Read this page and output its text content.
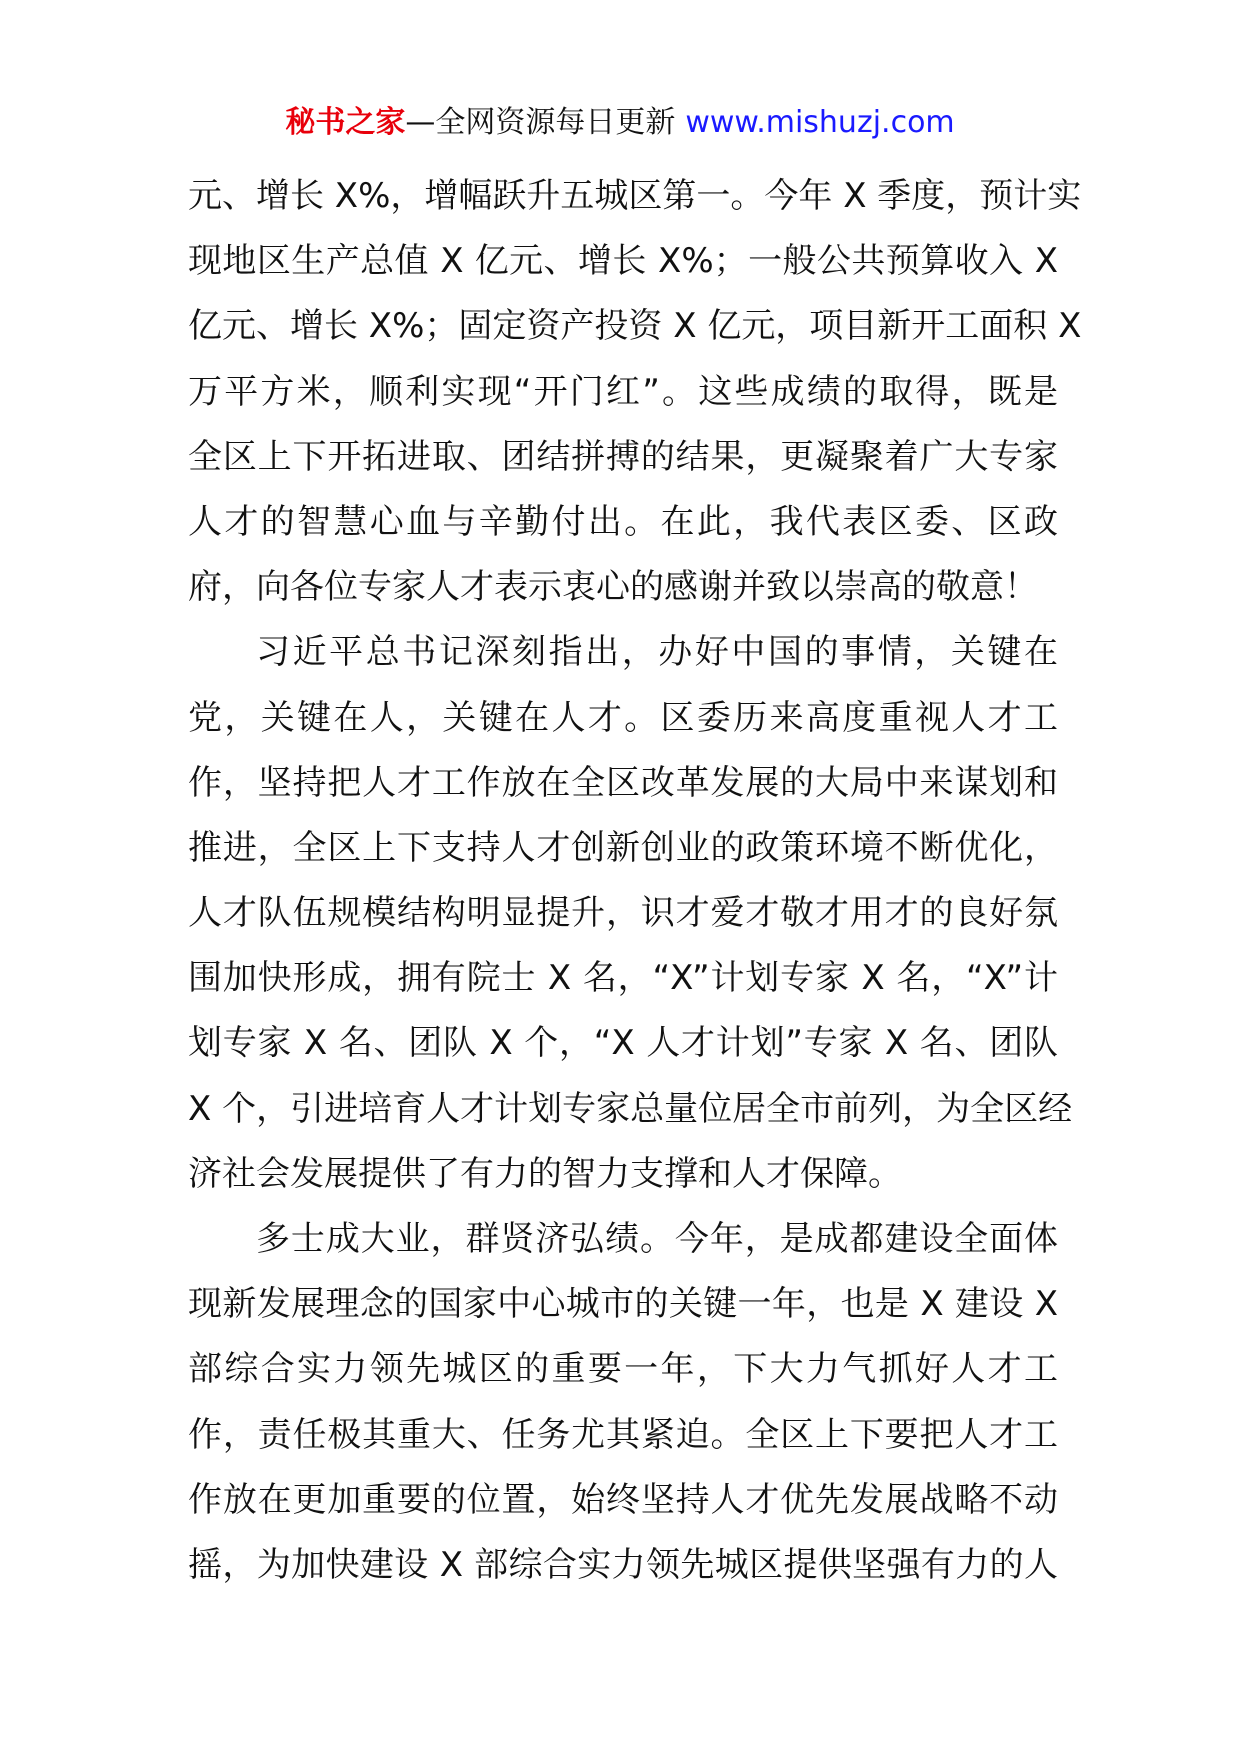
秘书之家—全网资源每日更新 www.mishuzj.com
元、增长 X%，增幅跃升五城区第一。今年 X 季度，预计实
现地区生产总值 X 亿元、增长 X%；一般公共预算收入 X
亿元、增长 X%；固定资产投资 X 亿元，项目新开工面积 X
万平方米，顺利实现“开门红”。这些成绩的取得，既是
全区上下开拓进取、团结拼搏的结果，更凝聚着广大专家
人才的智慧心血与辛勤付出。在此，我代表区委、区政
府，向各位专家人才表示衷心的感谢并致以崇高的敬意！
习近平总书记深刻指出，办好中国的事情，关键在
党，关键在人，关键在人才。区委历来高度重视人才工
作，坚持把人才工作放在全区改革发展的大局中来谋划和
推进，全区上下支持人才创新创业的政策环境不断优化，
人才队伍规模结构明显提升，识才爱才敬才用才的良好氛
围加快形成，拥有院士 X 名，“X”计划专家 X 名，“X”计
划专家 X 名、团队 X 个，“X 人才计划”专家 X 名、团队
X 个，引进培育人才计划专家总量位居全市前列，为全区经
济社会发展提供了有力的智力支撑和人才保障。
多士成大业，群贤济弘绩。今年，是成都建设全面体
现新发展理念的国家中心城市的关键一年，也是 X 建设 X
部综合实力领先城区的重要一年，下大力气抓好人才工
作，责任极其重大、任务尤其紧迫。全区上下要把人才工
作放在更加重要的位置，始终坚持人才优先发展战略不动
摇，为加快建设 X 部综合实力领先城区提供坚强有力的人
